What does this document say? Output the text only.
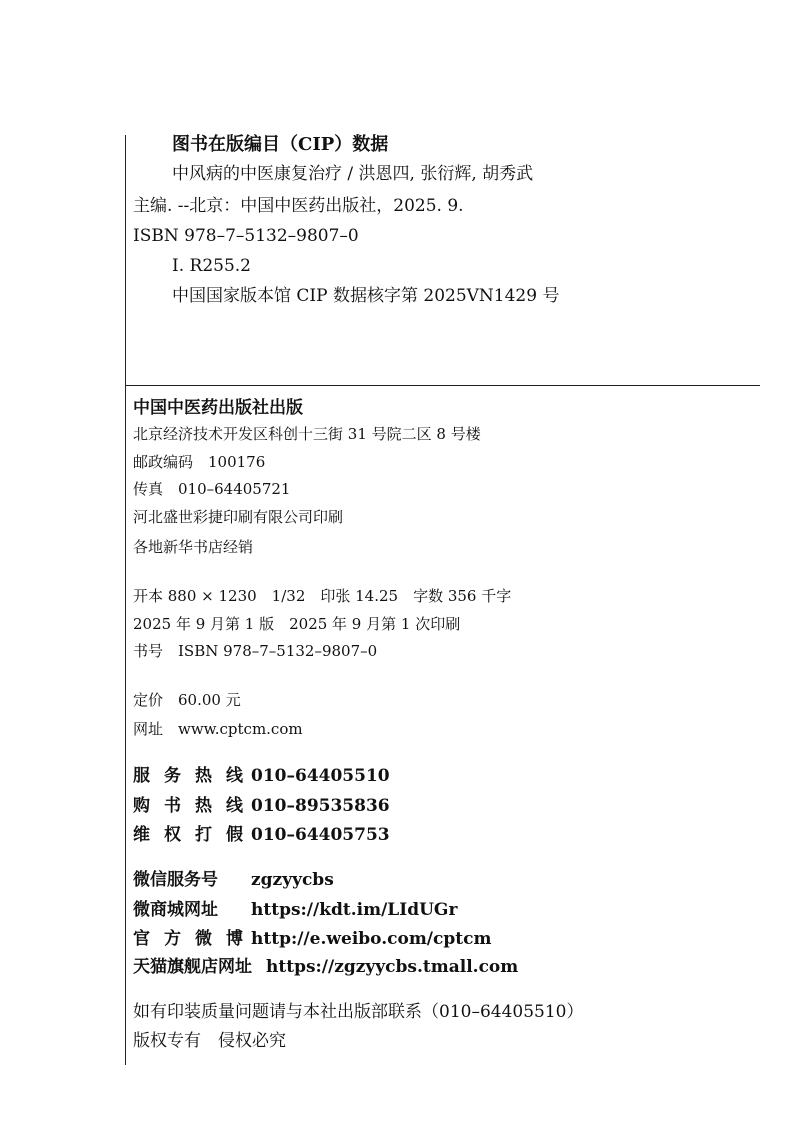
图书在版编目（CIP）数据
中风病的中医康复治疗 / 洪恩四, 张衍辉, 胡秀武
主编. --北京：中国中医药出版社，2025. 9.
ISBN 978–7–5132–9807–0
Ⅰ. R255.2
中国国家版本馆 CIP 数据核字第 2025VN1429 号
中国中医药出版社出版
北京经济技术开发区科创十三街 31 号院二区 8 号楼
邮政编码　100176
传真　010–64405721
河北盛世彩捷印刷有限公司印刷
各地新华书店经销
开本 880 × 1230　1/32　印张 14.25　字数 356 千字
2025 年 9 月第 1 版　2025 年 9 月第 1 次印刷
书号　ISBN 978–7–5132–9807–0
定价　60.00 元
网址　www.cptcm.com
服务热线 010–64405510
购书热线 010–89535836
维权打假 010–64405753
微信服务号 zgzyycbs
微商城网址 https://kdt.im/LIdUGr
官方微博 http://e.weibo.com/cptcm
天猫旗舰店网址 https://zgzyycbs.tmall.com
如有印装质量问题请与本社出版部联系（010–64405510）
版权专有　侵权必究
